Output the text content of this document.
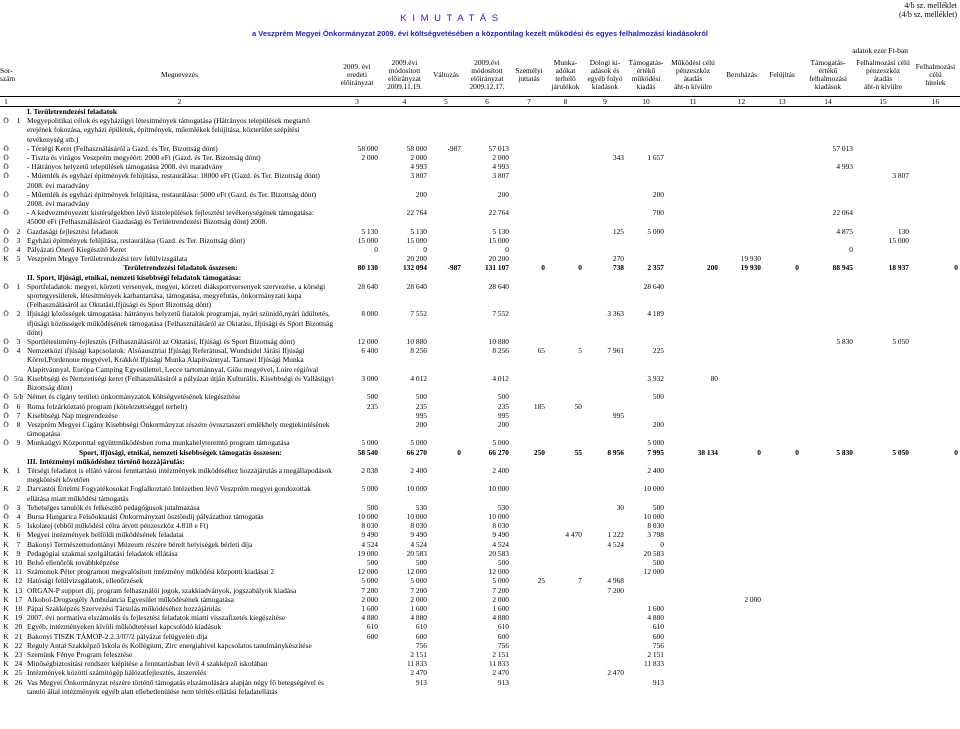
4/b sz. melléklet
(4/b sz. melléklet)
K I M U T A T Á S
a Veszprém Megyei Önkormányzat 2009. évi költségvetésében a központilag kezelt működési és egyes felhalmozási kiadásokról
adatok ezer Ft-ban
Sor-
szám		Megnevezés	2009. évi
eredeti
előirányzat	2009.évi
módosított
előirányzat
2009.11.19.	Változás	2009.évi
módosított
előirányzat
2009.12.17.	Személyi
juttatás	Munka-
adókat
terhelő
járulékok	Dologi ki-
adások és
egyéb folyó
kiadások	Támogatás-
értékű
működési
kiadás	Működési célú
pénzeszköz
átadás
áht-n kívülre	Beruházás	Felújítás	Támogatás-
értékű
felhalmozási
kiadások	Felhalmozási célú
pénzeszköz
átadás
áht-n kívülre	Felhalmozási
célú
hitelek
1		2	3	4	5	6	7	8	9	10	11	12	13	14	15	16
		I. Területrendezési feladatok														
Ö	1	Megyepolitikai célok és egyházügyi létesítmények támogatása (Hátrányos települések megtartó erejének fokozása, egyházi épületek, építmények, műemlékek felújítása, közterület szépítési tevékenység stb.)														
Ö		- Térségi Keret (Felhasználásáról a Gazd. és Ter. Bizottság dönt)	58 000	58 000	-987	57 013								57 013		
Ö		- Tiszta és virágos Veszprém megyéért: 2000 eFt (Gazd. és Ter. Bizottság dönt)	2 000	2 000		2 000			343	1 657						
Ö		- Hátrányos helyzetű települések támogatása 2008. évi maradvány		4 993		4 993								4 993		
Ö		- Műemlék és egyházi építmények felújítása, restaurálása: 18000 eFt (Gazd. és Ter. Bizottság dönt) 2008. évi maradvány		3 807		3 807									3 807	
Ö		- Műemlék és egyházi építmények felújítása, restaurálása: 5000 eFt (Gazd. és Ter. Bizottság dönt) 2008. évi maradvány		200		200				200						
Ö		- A kedvezményezett kistérségekben lévő kistelepülések fejlesztési tevékenységének támogatása: 45000 eFt (Felhasználásáról Gazdasági és Területrendezési Bizottság dönt) 2008.		22 764		22 764				700				22 064		
Ö	2	Gazdasági fejlesztési feladatok	5 130	5 130		5 130			125	5 000				4 875	130	
Ö	3	Egyházi építmények felújítása, restaurálása (Gazd. és Ter. Bizottság dönt)	15 000	15 000		15 000									15 000	
Ö	4	Pályázati Önerő Kiegészítő Keret	0	0		0								0		
K	5	Veszprém Megye Területrendezési terv felülvizsgálata		20 200		20 200			270			19 930				
		Területrendezési feladatok összesen:	80 130	132 094	-987	131 107	0	0	738	2 357	200	19 930	0	88 945	18 937	0
		II. Sport, ifjúsági, etnikai, nemzeti kisebbségi feladatok támogatása:														
Ö	1	Sportfeladatok: megyei, körzeti versenyek, megyei, körzeti diáksportversenyek szervezése, a körségi sportegyesületek, létesítmények karbantartása, támogatása, megyefutás, önkormányzati kupa (Felhasználásáról az Oktatási,Ifjúsági és Sport Bizottság dönt)	28 640	28 640		28 640				28 640						
Ö	2	Ifjúsági közösségek támogatása: hátrányos helyzetű fiatalok programjai, nyári szünidő,nyári üdültetés, ifjúsági közösségek működésének támogatása (Felhasználásáról az Oktatási, Ifjúsági és Sport Bizottság dönt)	8 000	7 552		7 552			3 363	4 189						
Ö	3	Sportlétesítmény-fejlesztés (Felhasználásáról az Oktatási, Ifjúsági és Sport Bizottság dönt)	12 000	10 880		10 880								5 830	5 050	
Ö	4	Nemzetközi ifjúsági kapcsolatok: Alsóausztriai Ifjúsági Referátusal, Wundsidel Járási Ifjúsági Körrel,Pordenone megyével, Krakkói Ifjúsági Munka Alapítvánnyal, Tarnawi Ifjúsági Munka Alapítvánnyal, Európa Camping Egyesülettel, Lecce tartománnyal, Giőu megyével, Loire régióval	6 400	8 256		8 256	65	5	7 961	225						
Ö	5/a	Kisebbségi és Nemzetiségi keret (Felhasználásáról a pályázat útján Kulturális, Kisebbségi és Vallásügyi Bizottság dönt)	3 000	4 012		4 012				3 932	80					
Ö	5/b	Német és cigány területi önkormányzatok költségvetésének kiegészítése	500	500		500				500						
Ö	6	Roma felzárkóztató program (kötelezettséggel terhelt)	235	235		235	185	50								
Ö	7	Kisebbségi Nap megrendezése		995		995			995							
Ö	8	Veszprém Megyei Cigány Kisebbségi Önkormányzat részére óvusztaszeri emlékhely megtekintésének támogatása		200		200				200						
Ö	9	Munkaügyi Központtal együttműködésben roma munkahelyteremtő program támogatása	5 000	5 000		5 000				5 000						
		Sport, ifjúsági, etnikai, nemzeti kisebbségek támogatás összesen:	58 540	66 270	0	66 270	250	55	8 956	7 995	38 134	0	0	5 830	5 050	0
		III. Intézményi működéshez történő hozzájárulás:														
K	1	Térségi feladatot is ellátó városi fenntartású intézmények működéséhez hozzájárulás a megállapodások megkötését követően	2 038	2 400		2 400				2 400						
K	2	Darvastói Értelmi Fogyatékosokat Foglalkoztató Intézetben lévő Veszprém megyei gondozottak ellátása miatt működési támogatás	5 000	10 000		10 000				10 000						
Ö	3	Tehetséges tanulók és felkészítő pedagógusok jutalmazása	500	530		530			30	500						
Ö	4	Bursa Hungarica Felsőoktatási Önkormányzati ösztöndíj pályázathoz támogatás	10 000	10 000		10 000				10 000						
K	5	Iskolatej (ebből működési célra átvett pénzeszköz 4.818 e Ft)	8 030	8 030		8 030				8 030						
K	6	Megyei intézmények belföldi működésének feladatai	9 490	9 490		9 490		4 470	1 222	3 798						
K	7	Bakonyi Természettudományi Múzeum részére bérelt helyiségek bérleti díja	4 524	4 524		4 524			4 524	0						
K	9	Pedagógiai szakmai szolgáltatási feladatok ellátása	19 000	20 583		20 583				20 583						
K	10	Belső ellenőrök továbbképzése	500	500		500				500						
K	11	Számonok Péter programon megvalósított intézmény működési központi kiadásai 2	12 000	12 000		12 000				12 000						
K	12	Hatósági felülvizsgálatok, ellenőrzések	5 000	5 000		5 000	25	7	4 968							
K	13	ORGAN-P support díj, program felhasználói jogok, szakkiadványok, jogszabályok kiadása	7 200	7 200		7 200			7 200							
K	17	Alkohol-Drogsegély Ambulancia Egyesület működésének támogatása	2 000	2 000		2 000						2 000				
K	18	Pápai Szakképzés Szervezési Társulás működéséhez hozzájárulás	1 600	1 600		1 600				1 600						
K	19	2007. évi normatíva elszámolás és fejlesztési feladatok miatti visszafizetés kiegészítése	4 880	4 880		4 880				4 880						
K	20	Egyéb, intézményeken kívüli működtetéssel kapcsolódó kiadások	610	610		610				610						
K	21	Bakonyi TISZK TÁMOP-2.2.3/07/2 pályázat felügyeleti díja	600	600		600				600						
K	22	Reguly Antal Szakképző Iskola és Kollégium, Zirc energiahivel kapcsolatos tanulmánykészítése		756		756				756						
K	23	Szemünk Fénye Program felesztése		2 151		2 151				2 151						
K	24	Minőségbiztosítási rendszer kiépítése a fenntartásban lévő 4 szakképző iskolában		11 833		11 833				11 833						
K	25	Intézmények közötti számítógép hálózatfejlesztés, átszerelés		2 470		2 470			2 470							
K	26	Vas Megyei Önkormányzat részére történő támogatás elszámolására alapján négy fő betegségével és tanuló által intézmények egyéb alatt ellehetlenülése nem térítés ellátási feladatellátás		913		913				913						
